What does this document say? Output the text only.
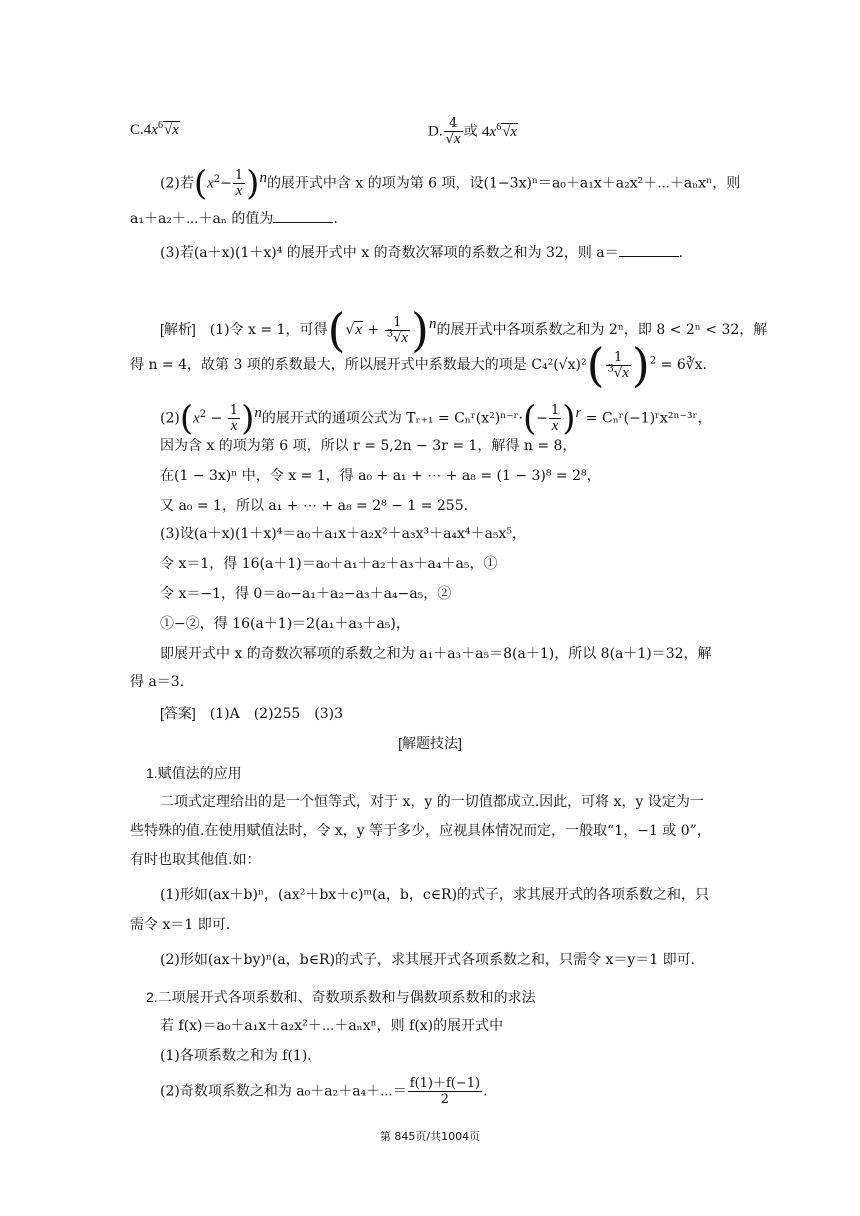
$C.4x^6√x$	D. $\frac{4}{√x}$ 或 $4x^6√x$
(2)若$(x^2- \frac{1}{x} )^n$的展开式中含 x 的项为第 6 项，设(1−3x)ⁿ＝a₀＋a₁x＋a₂x²＋⋯＋aₙxⁿ，则
a₁＋a₂＋⋯＋aₙ 的值为	.
(3)若(a＋x)(1＋x)⁴ 的展开式中 x 的奇数次幂项的系数之和为 32，则 a＝	.
[解析]　 (1)令 x = 1，可得$(√x + \frac{1}{^3√x} )^n$的展开式中各项系数之和为 2ⁿ，即 8 < 2ⁿ < 32，解
得 n = 4，故第 3 项的系数最大，所以展开式中系数最大的项是 $C_4^2(√x)^2( \frac{1}{^3√x} )^2$ = 6∛x.
$(2)(x^2 - \frac{1}{x} )^n$的展开式的通项公式为 Tᵣ₊₁ = Cₙʳ(x²)ⁿ⁻ʳ·(− $\frac{1}{x} )^r$ = Cₙʳ(−1)ʳx²ⁿ⁻³ʳ，
因为含 x 的项为第 6 项，所以 r = 5,2n − 3r = 1，解得 n = 8，
在(1 − 3x)ⁿ 中，令 x = 1，得 a₀ + a₁ + ⋯ + a₈ = (1 − 3)⁸ = 2⁸，
又 a₀ = 1，所以 a₁ + ⋯ + a₈ = 2⁸ − 1 = 255.
(3)设(a＋x)(1＋x)⁴＝a₀＋a₁x＋a₂x²＋a₃x³＋a₄x⁴＋a₅x⁵，
令 x＝1，得 16(a＋1)＝a₀＋a₁＋a₂＋a₃＋a₄＋a₅，①
令 x＝−1，得 0＝a₀−a₁＋a₂−a₃＋a₄−a₅，②
①−②，得 16(a＋1)＝2(a₁＋a₃＋a₅)，
即展开式中 x 的奇数次幂项的系数之和为 a₁＋a₃＋a₅＝8(a＋1)，所以 8(a＋1)＝32，解
得 a＝3.
[答案]　 (1)A　(2)255　(3)3
[解题技法]
1.赋值法的应用
二项式定理给出的是一个恒等式，对于 x，y 的一切值都成立.因此，可将 x，y 设定为一
些特殊的值.在使用赋值法时，令 x，y 等于多少，应视具体情况而定，一般取“1，−1 或 0”，
有时也取其他值.如：
(1)形如(ax＋b)ⁿ，(ax²＋bx＋c)ᵐ(a，b，c∈R)的式子，求其展开式的各项系数之和，只
需令 x＝1 即可.
(2)形如(ax＋by)ⁿ(a，b∈R)的式子，求其展开式各项系数之和，只需令 x＝y＝1 即可.
2.二项展开式各项系数和、奇数项系数和与偶数项系数和的求法
若 f(x)＝a₀＋a₁x＋a₂x²＋⋯＋aₙxⁿ，则 f(x)的展开式中
(1)各项系数之和为 f(1).
(2)奇数项系数之和为 a₀＋a₂＋a₄＋⋯＝ $\frac{f(1)+f(-1)}{2}$ .
第 845页/共1004页
